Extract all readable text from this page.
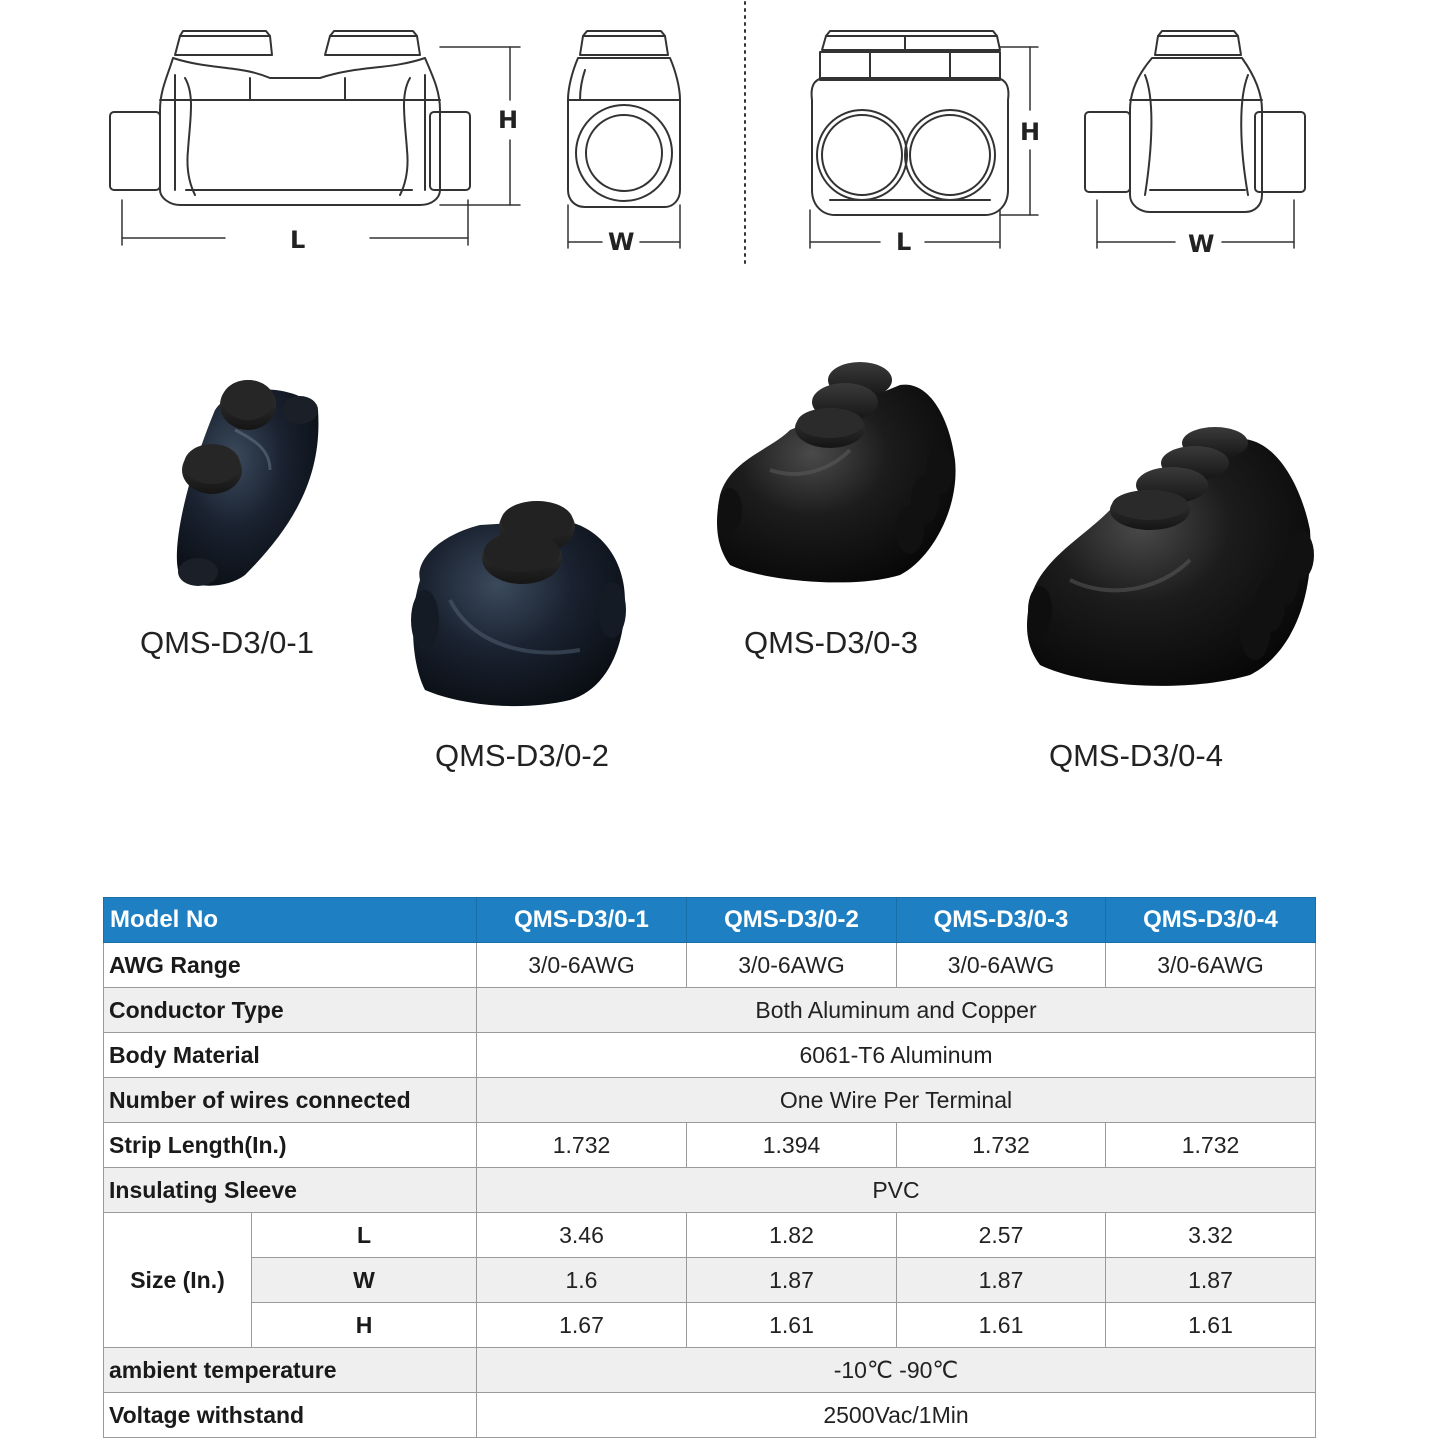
H
L	W
H
L	W
QMS-D3/0-1
QMS-D3/0-2
QMS-D3/0-3
QMS-D3/0-4
Model No		QMS-D3/0-1	QMS-D3/0-2	QMS-D3/0-3	QMS-D3/0-4
AWG Range		3/0-6AWG	3/0-6AWG	3/0-6AWG	3/0-6AWG
Conductor Type		Both Aluminum and Copper			
Body Material		6061-T6 Aluminum			
Number of wires connected		One Wire Per Terminal			
Strip Length(In.)		1.732	1.394	1.732	1.732
Insulating Sleeve		PVC			
Size (In.)	L	3.46	1.82	2.57	3.32
	W	1.6	1.87	1.87	1.87
	H	1.67	1.61	1.61	1.61
ambient temperature		-10℃ -90℃			
Voltage withstand		2500Vac/1Min			
